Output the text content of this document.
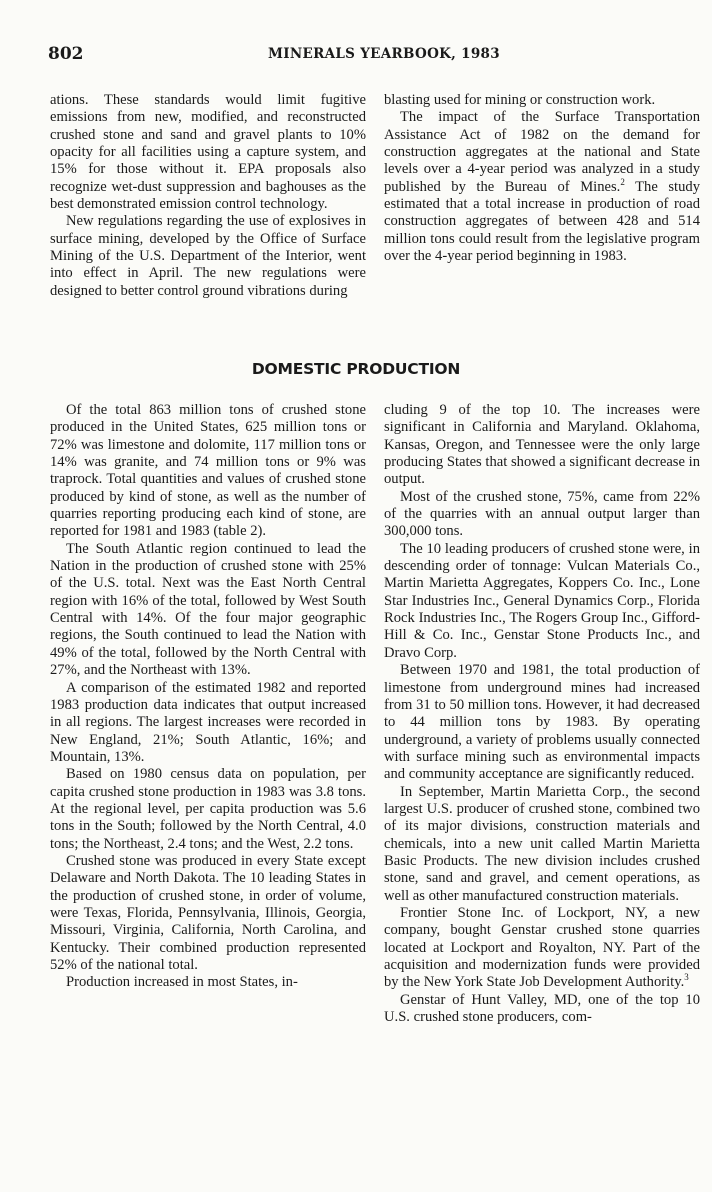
802	MINERALS YEARBOOK, 1983

ations. These standards would limit fugitive emissions from new, modified, and reconstructed crushed stone and sand and gravel plants to 10% opacity for all facilities using a capture system, and 15% for those without it. EPA proposals also recognize wet-dust suppression and baghouses as the best demonstrated emission control technology.

New regulations regarding the use of explosives in surface mining, developed by the Office of Surface Mining of the U.S. Department of the Interior, went into effect in April. The new regulations were designed to better control ground vibrations during

blasting used for mining or construction work.

The impact of the Surface Transportation Assistance Act of 1982 on the demand for construction aggregates at the national and State levels over a 4-year period was analyzed in a study published by the Bureau of Mines.$^2$ The study estimated that a total increase in production of road construction aggregates of between 428 and 514 million tons could result from the legislative program over the 4-year period beginning in 1983.

DOMESTIC PRODUCTION

Of the total 863 million tons of crushed stone produced in the United States, 625 million tons or 72% was limestone and dolomite, 117 million tons or 14% was granite, and 74 million tons or 9% was traprock. Total quantities and values of crushed stone produced by kind of stone, as well as the number of quarries reporting producing each kind of stone, are reported for 1981 and 1983 (table 2).

The South Atlantic region continued to lead the Nation in the production of crushed stone with 25% of the U.S. total. Next was the East North Central region with 16% of the total, followed by West South Central with 14%. Of the four major geographic regions, the South continued to lead the Nation with 49% of the total, followed by the North Central with 27%, and the Northeast with 13%.

A comparison of the estimated 1982 and reported 1983 production data indicates that output increased in all regions. The largest increases were recorded in New England, 21%; South Atlantic, 16%; and Mountain, 13%.

Based on 1980 census data on population, per capita crushed stone production in 1983 was 3.8 tons. At the regional level, per capita production was 5.6 tons in the South; followed by the North Central, 4.0 tons; the Northeast, 2.4 tons; and the West, 2.2 tons.

Crushed stone was produced in every State except Delaware and North Dakota. The 10 leading States in the production of crushed stone, in order of volume, were Texas, Florida, Pennsylvania, Illinois, Georgia, Missouri, Virginia, California, North Carolina, and Kentucky. Their combined production represented 52% of the national total.

Production increased in most States, in-

cluding 9 of the top 10. The increases were significant in California and Maryland. Oklahoma, Kansas, Oregon, and Tennessee were the only large producing States that showed a significant decrease in output.

Most of the crushed stone, 75%, came from 22% of the quarries with an annual output larger than 300,000 tons.

The 10 leading producers of crushed stone were, in descending order of tonnage: Vulcan Materials Co., Martin Marietta Aggregates, Koppers Co. Inc., Lone Star Industries Inc., General Dynamics Corp., Florida Rock Industries Inc., The Rogers Group Inc., Gifford-Hill & Co. Inc., Genstar Stone Products Inc., and Dravo Corp.

Between 1970 and 1981, the total production of limestone from underground mines had increased from 31 to 50 million tons. However, it had decreased to 44 million tons by 1983. By operating underground, a variety of problems usually connected with surface mining such as environmental impacts and community acceptance are significantly reduced.

In September, Martin Marietta Corp., the second largest U.S. producer of crushed stone, combined two of its major divisions, construction materials and chemicals, into a new unit called Martin Marietta Basic Products. The new division includes crushed stone, sand and gravel, and cement operations, as well as other manufactured construction materials.

Frontier Stone Inc. of Lockport, NY, a new company, bought Genstar crushed stone quarries located at Lockport and Royalton, NY. Part of the acquisition and modernization funds were provided by the New York State Job Development Authority.$^3$

Genstar of Hunt Valley, MD, one of the top 10 U.S. crushed stone producers, com-
